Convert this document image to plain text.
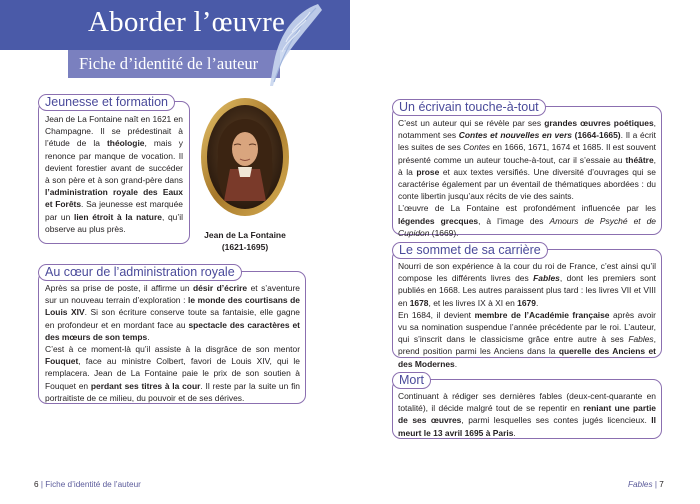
Aborder l’œuvre
Fiche d’identité de l’auteur
Jeunesse et formation
Jean de La Fontaine naît en 1621 en Champagne. Il se prédestinait à l’étude de la théologie, mais y renonce par manque de vocation. Il devient forestier avant de succéder à son père et à son grand-père dans l’administration royale des Eaux et Forêts. Sa jeunesse est marquée par un lien étroit à la nature, qu’il observe au plus près.
Jean de La Fontaine
(1621-1695)
Au cœur de l’administration royale
Après sa prise de poste, il affirme un désir d’écrire et s’aventure sur un nouveau terrain d’exploration : le monde des courtisans de Louis XIV. Si son écriture conserve toute sa fantaisie, elle gagne en profondeur et en mordant face au spectacle des caractères et des mœurs de son temps.
C’est à ce moment-là qu’il assiste à la disgrâce de son mentor Fouquet, face au ministre Colbert, favori de Louis XIV, qui le remplacera. Jean de La Fontaine paie le prix de son soutien à Fouquet en perdant ses titres à la cour. Il reste par la suite un fin portraitiste de ce milieu, du pouvoir et de ses dérives.
Un écrivain touche-à-tout
C’est un auteur qui se révèle par ses grandes œuvres poétiques, notamment ses Contes et nouvelles en vers (1664-1665). Il a écrit les suites de ses Contes en 1666, 1671, 1674 et 1685. Il est souvent présenté comme un auteur touche-à-tout, car il s’essaie au théâtre, à la prose et aux textes versifiés. Une diversité d’ouvrages qui se caractérise également par un éventail de thématiques abordées : du conte libertin jusqu’aux récits de vie des saints.
L’œuvre de La Fontaine est profondément influencée par les légendes grecques, à l’image des Amours de Psyché et de Cupidon (1669).
Le sommet de sa carrière
Nourri de son expérience à la cour du roi de France, c’est ainsi qu’il compose les différents livres des Fables, dont les premiers sont publiés en 1668. Les autres paraissent plus tard : les livres VII et VIII en 1678, et les livres IX à XI en 1679.
En 1684, il devient membre de l’Académie française après avoir vu sa nomination suspendue l’année précédente par le roi. L’auteur, qui s’inscrit dans le classicisme grâce entre autre à ses Fables, prend position parmi les Anciens dans la querelle des Anciens et des Modernes.
Mort
Continuant à rédiger ses dernières fables (deux-cent-quarante en totalité), il décide malgré tout de se repentir en reniant une partie de ses œuvres, parmi lesquelles ses contes jugés licencieux. Il meurt le 13 avril 1695 à Paris.
6 | Fiche d’identité de l’auteur	Fables | 7
